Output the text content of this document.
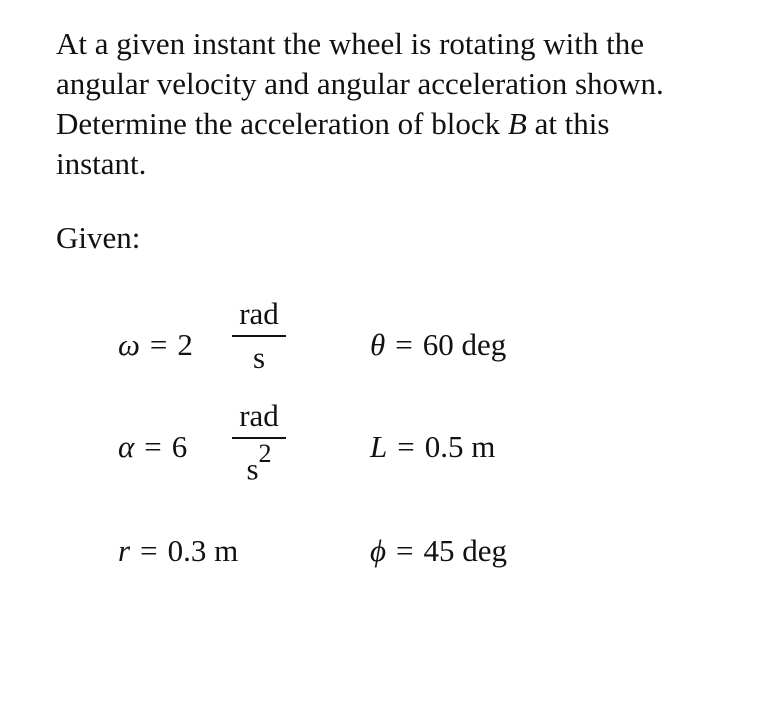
At a given instant the wheel is rotating with the
angular velocity and angular acceleration shown.
Determine the acceleration of block B at this
instant.
Given:
ω = 2
rad
s
α = 6
rad
$s^2$
r = 0.3 m
θ = 60 deg
L = 0.5 m
ϕ = 45 deg
